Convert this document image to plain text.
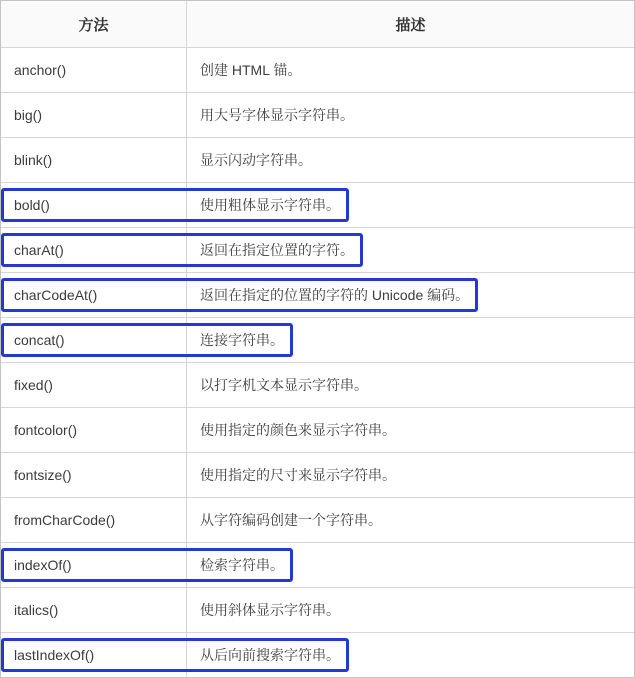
方法	描述
anchor()	创建 HTML 锚。
big()	用大号字体显示字符串。
blink()	显示闪动字符串。
bold()	使用粗体显示字符串。
charAt()	返回在指定位置的字符。
charCodeAt()	返回在指定的位置的字符的 Unicode 编码。
concat()	连接字符串。
fixed()	以打字机文本显示字符串。
fontcolor()	使用指定的颜色来显示字符串。
fontsize()	使用指定的尺寸来显示字符串。
fromCharCode()	从字符编码创建一个字符串。
indexOf()	检索字符串。
italics()	使用斜体显示字符串。
lastIndexOf()	从后向前搜索字符串。
